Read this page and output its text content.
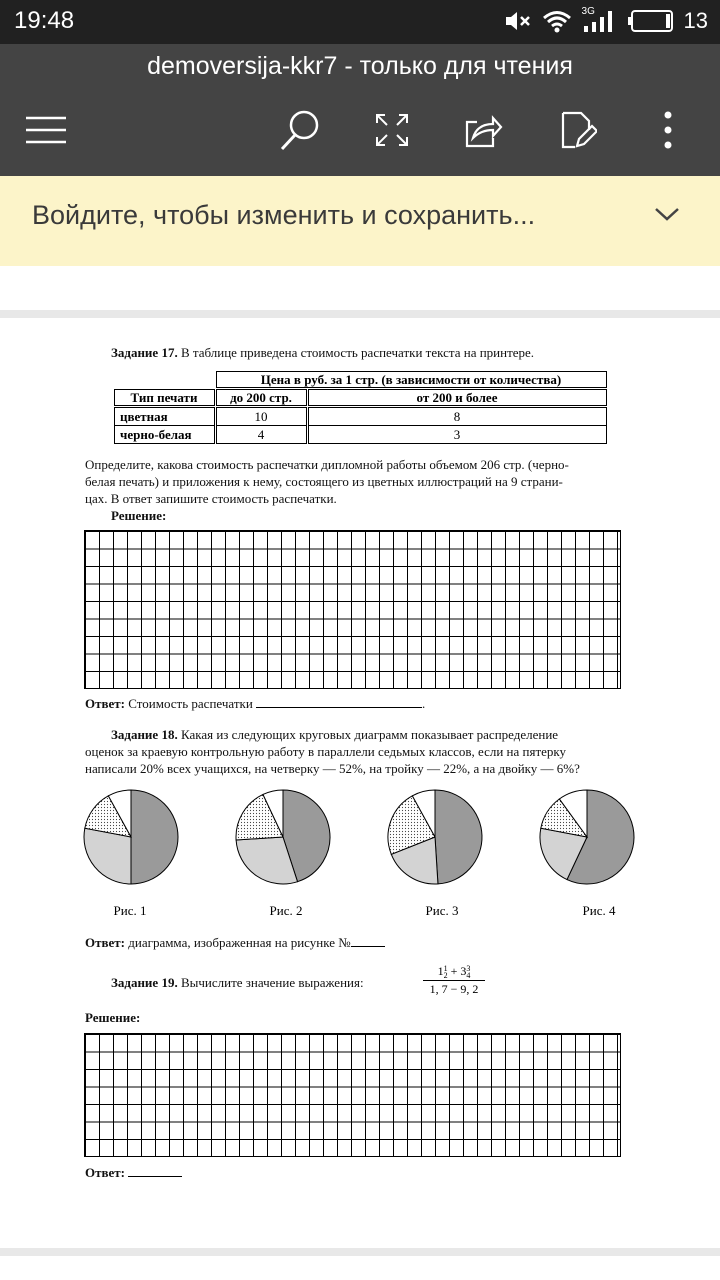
19:48	3G	13
demoversija-kkr7 - только для чтения
Войдите, чтобы изменить и сохранить...

Задание 17. В таблице приведена стоимость распечатки текста на принтере.

Цена в руб. за 1 стр. (в зависимости от количества)
Тип печати	до 200 стр.	от 200 и более
цветная	10	8
черно-белая	4	3

Определите, какова стоимость распечатки дипломной работы объемом 206 стр. (черно-
белая печать) и приложения к нему, состоящего из цветных иллюстраций на 9 страни-
цах. В ответ запишите стоимость распечатки.

Решение:

Ответ: Стоимость распечатки	.

Задание 18. Какая из следующих круговых диаграмм показывает распределение
оценок за краевую контрольную работу в параллели седьмых классов, если на пятерку
написали 20% всех учащихся, на четверку — 52%, на тройку — 22%, а на двойку — 6%?

Рис. 1	Рис. 2	Рис. 3	Рис. 4

Ответ: диаграмма, изображенная на рисунке №

Задание 19. Вычислите значение выражения:	1 1
2 + 3 3
4
1, 7 − 9, 2

Решение:

Ответ:
